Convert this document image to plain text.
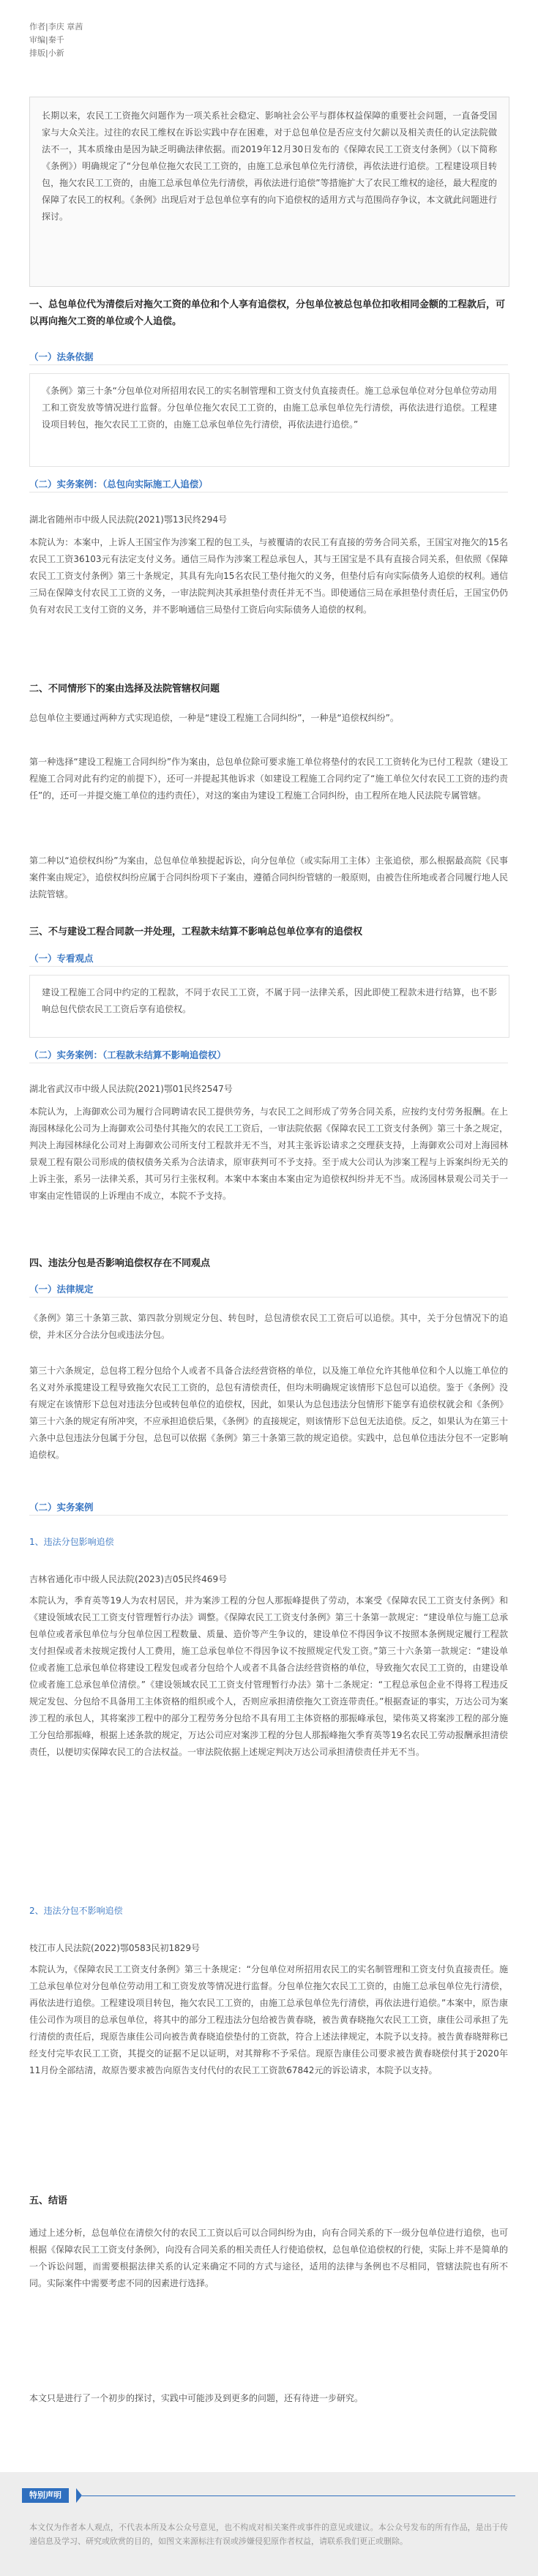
作者|李庆 章茜
审编|秦千
排版|小新

长期以来，农民工工资拖欠问题作为一项关系社会稳定、影响社会公平与群体权益保障的重要社会问题，一直备受国家与大众关注。过往的农民工维权在诉讼实践中存在困难，对于总包单位是否应支付欠薪以及相关责任的认定法院做法不一，其本质缘由是因为缺乏明确法律依据。而2019年12月30日发布的《保障农民工工资支付条例》（以下简称《条例》）明确规定了“分包单位拖欠农民工工资的，由施工总承包单位先行清偿，再依法进行追偿。工程建设项目转包，拖欠农民工工资的，由施工总承包单位先行清偿，再依法进行追偿”等措施扩大了农民工维权的途径，最大程度的保障了农民工的权利。《条例》出现后对于总包单位享有的向下追偿权的适用方式与范围尚存争议，本文就此问题进行探讨。

一、总包单位代为清偿后对拖欠工资的单位和个人享有追偿权，分包单位被总包单位扣收相同金额的工程款后，可以再向拖欠工资的单位或个人追偿。
（一）法条依据

《条例》第三十条“分包单位对所招用农民工的实名制管理和工资支付负直接责任。施工总承包单位对分包单位劳动用工和工资发放等情况进行监督。分包单位拖欠农民工工资的，由施工总承包单位先行清偿，再依法进行追偿。工程建设项目转包，拖欠农民工工资的，由施工总承包单位先行清偿，再依法进行追偿。”

（二）实务案例：（总包向实际施工人追偿）
湖北省随州市中级人民法院(2021)鄂13民终294号

本院认为：本案中，上诉人王国宝作为涉案工程的包工头，与被覆请的农民工有直接的劳务合同关系，王国宝对拖欠的15名农民工工资36103元有法定支付义务。通信三局作为涉案工程总承包人，其与王国宝是不具有直接合同关系，但依照《保障农民工工资支付条例》第三十条规定，其具有先向15名农民工垫付拖欠的义务，但垫付后有向实际债务人追偿的权利。通信三局在保障支付农民工工资的义务，一审法院判决其承担垫付责任并无不当。即使通信三局在承担垫付责任后，王国宝仍仍负有对农民工支付工资的义务，并不影响通信三局垫付工资后向实际债务人追偿的权利。

二、不同情形下的案由选择及法院管辖权问题

总包单位主要通过两种方式实现追偿，一种是“建设工程施工合同纠纷”，一种是“追偿权纠纷”。

第一种选择“建设工程施工合同纠纷”作为案由，总包单位除可要求施工单位将垫付的农民工工资转化为已付工程款（建设工程施工合同对此有约定的前提下），还可一并提起其他诉求（如建设工程施工合同约定了“施工单位欠付农民工工资的违约责任”的，还可一并提交施工单位的违约责任），对这的案由为建设工程施工合同纠纷，由工程所在地人民法院专属管辖。

第二种以“追偿权纠纷”为案由，总包单位单独提起诉讼，向分包单位（或实际用工主体）主张追偿，那么根据最高院《民事案件案由规定》，追偿权纠纷应属于合同纠纷项下子案由，遵循合同纠纷管辖的一般原则，由被告住所地或者合同履行地人民法院管辖。

三、不与建设工程合同款一并处理，工程款未结算不影响总包单位享有的追偿权
（一）专看观点

建设工程施工合同中约定的工程款，不同于农民工工资，不属于同一法律关系，因此即使工程款未进行结算，也不影响总包代偿农民工工资后享有追偿权。

（二）实务案例：（工程款未结算不影响追偿权）
湖北省武汉市中级人民法院(2021)鄂01民终2547号

本院认为，上海御欢公司为履行合同聘请农民工提供劳务，与农民工之间形成了劳务合同关系，应按约支付劳务报酬。在上海园林绿化公司为上海御欢公司垫付其拖欠的农民工工资后，一审法院依据《保障农民工工资支付条例》第三十条之规定，判决上海园林绿化公司对上海御欢公司所支付工程款并无不当，对其主张诉讼请求之交理获支持，上海御欢公司对上海园林景观工程有限公司形成的债权债务关系为合法请求，原审获判可不予支持。至于成大公司认为涉案工程与上诉案纠纷无关的上诉主张，系另一法律关系，其可另行主张权利。本案中本案由本案由定为追偿权纠纷并无不当。成汤园林景观公司关于一审案由定性错误的上诉理由不成立，本院不予支持。

四、违法分包是否影响追偿权存在不同观点
（一）法律规定

《条例》第三十条第三款、第四款分别规定分包、转包时，总包清偿农民工工资后可以追偿。其中，关于分包情况下的追偿，并未区分合法分包或违法分包。

第三十六条规定，总包将工程分包给个人或者不具备合法经营资格的单位，以及施工单位允许其他单位和个人以施工单位的名义对外承揽建设工程导致拖欠农民工工资的，总包有清偿责任，但均未明确规定该情形下总包可以追偿。鉴于《条例》没有规定在该情形下总包对违法分包或转包单位的追偿权，因此，如果认为总包违法分包情形下能享有追偿权就会和《条例》第三十六条的规定有所冲突，不应承担追偿后果，《条例》的直接规定，则该情形下总包无法追偿。反之，如果认为在第三十六条中总包违法分包属于分包，总包可以依据《条例》第三十条第三款的规定追偿。实践中，总包单位违法分包不一定影响追偿权。

（二）实务案例
1、违法分包影响追偿
吉林省通化市中级人民法院(2023)吉05民终469号

本院认为，季育英等19人为农村居民，并为案涉工程的分包人那振峰提供了劳动，本案受《保障农民工工资支付条例》和《建设领域农民工工资支付管理暂行办法》调整。《保障农民工工资支付条例》第三十条第一款规定：“建设单位与施工总承包单位或者承包单位与分包单位因工程数量、质量、造价等产生争议的，建设单位不得因争议不按照本条例规定履行工程款支付担保或者未按规定拨付人工费用，施工总承包单位不得因争议不按照规定代发工资。”第三十六条第一款规定：“建设单位或者施工总承包单位将建设工程发包或者分包给个人或者不具备合法经营资格的单位，导致拖欠农民工工资的，由建设单位或者施工总承包单位清偿。”《建设领域农民工工资支付管理暂行办法》第十二条规定：“工程总承包企业不得将工程违反规定发包、分包给不具备用工主体资格的组织或个人，否则应承担清偿拖欠工资连带责任。”根据查证的事实，万达公司为案涉工程的承包人，其将案涉工程中的部分工程劳务分包给不具有用工主体资格的那振峰承包，梁伟英又将案涉工程的部分施工分包给那振峰，根据上述条款的规定，万达公司应对案涉工程的分包人那振峰拖欠季育英等19名农民工劳动报酬承担清偿责任，以便切实保障农民工的合法权益。一审法院依据上述规定判决万达公司承担清偿责任并无不当。

2、违法分包不影响追偿
枝江市人民法院(2022)鄂0583民初1829号

本院认为，《保障农民工工资支付条例》第三十条规定：“分包单位对所招用农民工的实名制管理和工资支付负直接责任。施工总承包单位对分包单位劳动用工和工资发放等情况进行监督。分包单位拖欠农民工工资的，由施工总承包单位先行清偿，再依法进行追偿。工程建设项目转包，拖欠农民工工资的，由施工总承包单位先行清偿，再依法进行追偿。”本案中，原告康佳公司作为项目的总承包单位，将其中的部分工程违法分包给被告黄春晓，被告黄春晓拖欠农民工工资，康佳公司承担了先行清偿的责任后，现原告康佳公司向被告黄春晓追偿垫付的工资款，符合上述法律规定，本院予以支持。被告黄春晓辩称已经支付完毕农民工工资，其提交的证据不足以证明，对其辩称不予采信。现原告康佳公司要求被告黄春晓偿付其于2020年11月份全部结清，故原告要求被告向原告支付代付的农民工工资款67842元的诉讼请求，本院予以支持。

五、结语

通过上述分析，总包单位在清偿欠付的农民工工资以后可以合同纠纷为由，向有合同关系的下一级分包单位进行追偿，也可根据《保障农民工工资支付条例》，向没有合同关系的相关责任人行使追偿权，总包单位追偿权的行使，实际上并不是简单的一个诉讼问题，而需要根据法律关系的认定来确定不同的方式与途径，适用的法律与条例也不尽相同，管辖法院也有所不同。实际案件中需要考虑不同的因素进行选择。

本文只是进行了一个初步的探讨，实践中可能涉及到更多的问题，还有待进一步研究。

特别声明

本文仅为作者本人观点，不代表本所及本公众号意见，也不构成对相关案件或事件的意见或建议。本公众号发布的所有作品，是出于传递信息及学习、研究或欣赏的目的，如图文来源标注有误或涉嫌侵犯原作者权益，请联系我们更正或删除。
